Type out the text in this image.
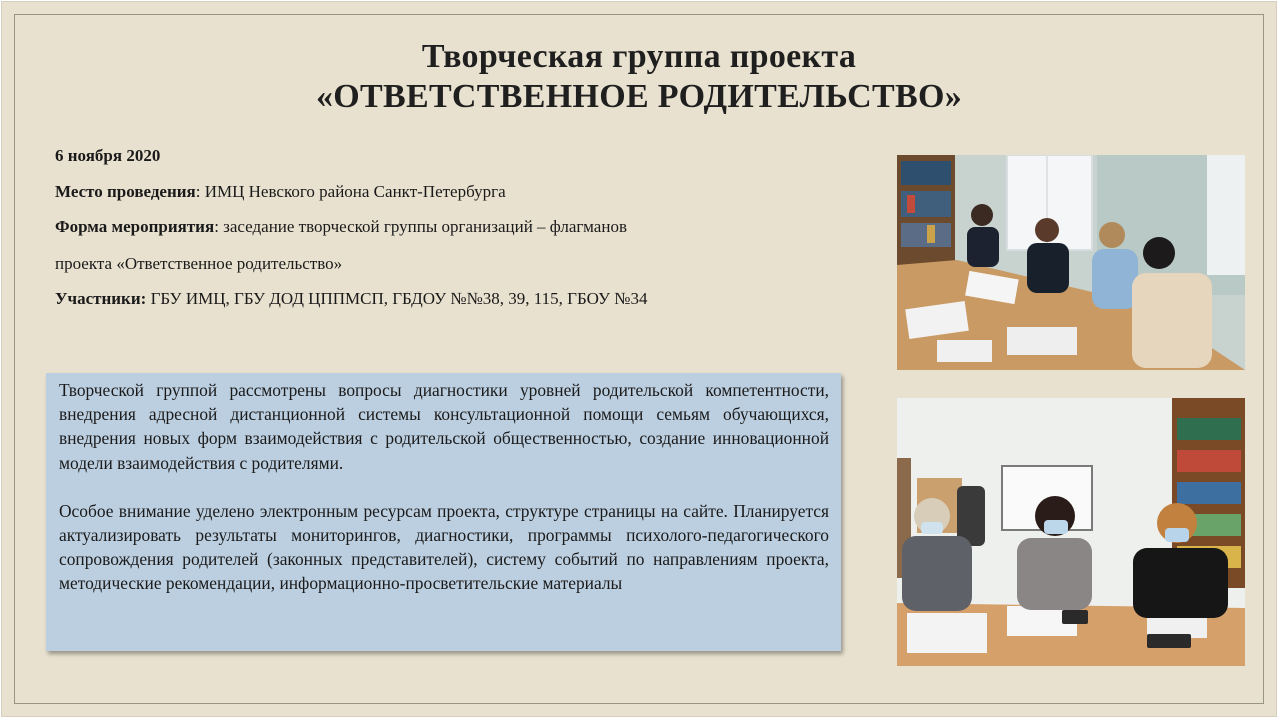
Творческая группа проекта
«ОТВЕТСТВЕННОЕ РОДИТЕЛЬСТВО»
6 ноября 2020
Место проведения: ИМЦ Невского района Санкт-Петербурга
Форма мероприятия: заседание творческой группы организаций – флагманов
проекта «Ответственное родительство»
Участники: ГБУ ИМЦ, ГБУ ДОД ЦППМСП, ГБДОУ №№38, 39, 115, ГБОУ №34

Творческой группой рассмотрены вопросы диагностики уровней родительской компетентности, внедрения адресной дистанционной системы консультационной помощи семьям обучающихся, внедрения новых форм взаимодействия с родительской общественностью, создание инновационной модели взаимодействия с родителями.

Особое внимание уделено электронным ресурсам проекта, структуре страницы на сайте. Планируется актуализировать результаты мониторингов, диагностики, программы психолого-педагогического сопровождения родителей (законных представителей), систему событий по направлениям проекта, методические рекомендации, информационно-просветительские материалы
